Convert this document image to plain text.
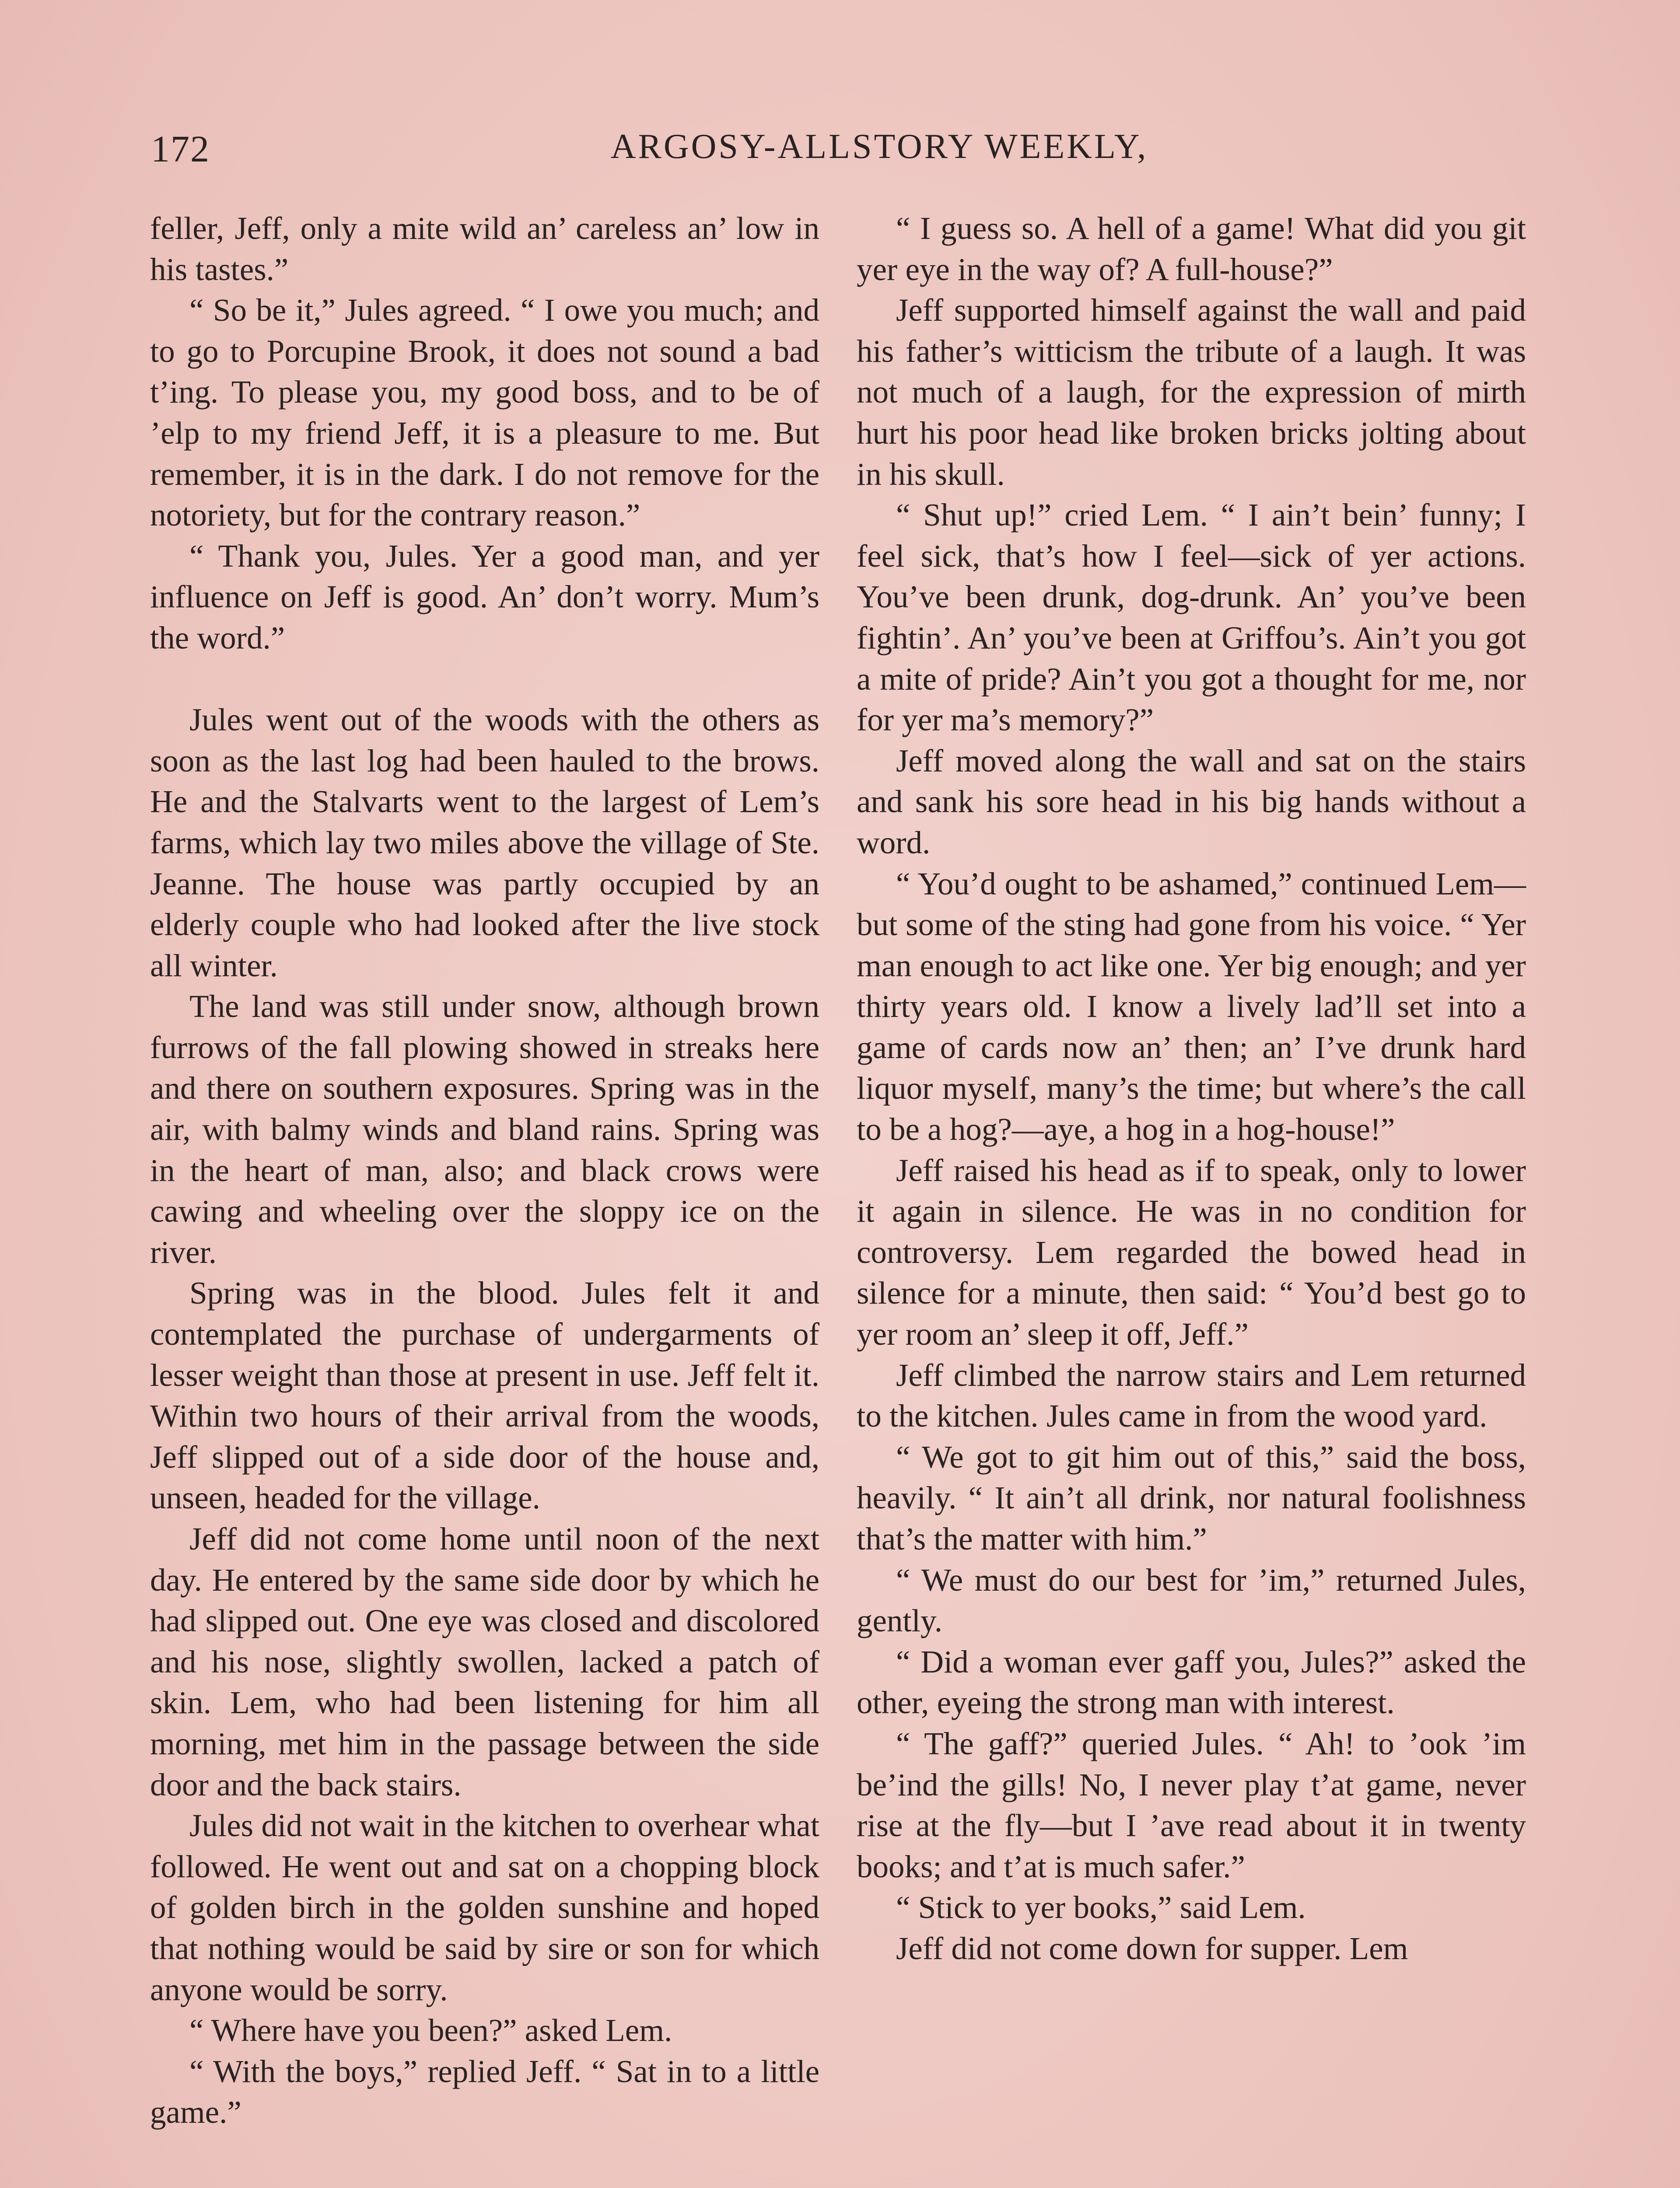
172	ARGOSY-ALLSTORY WEEKLY,

feller, Jeff, only a mite wild an’ careless an’ low in his tastes.”

“ So be it,” Jules agreed. “ I owe you much; and to go to Porcupine Brook, it does not sound a bad t’ing. To please you, my good boss, and to be of ’elp to my friend Jeff, it is a pleasure to me. But remember, it is in the dark. I do not remove for the notoriety, but for the contrary reason.”

“ Thank you, Jules. Yer a good man, and yer influence on Jeff is good. An’ don’t worry. Mum’s the word.”

Jules went out of the woods with the others as soon as the last log had been hauled to the brows. He and the Stalvarts went to the largest of Lem’s farms, which lay two miles above the village of Ste. Jeanne. The house was partly occupied by an elderly couple who had looked after the live stock all winter.

The land was still under snow, although brown furrows of the fall plowing showed in streaks here and there on southern exposures. Spring was in the air, with balmy winds and bland rains. Spring was in the heart of man, also; and black crows were cawing and wheeling over the sloppy ice on the river.

Spring was in the blood. Jules felt it and contemplated the purchase of undergarments of lesser weight than those at present in use. Jeff felt it. Within two hours of their arrival from the woods, Jeff slipped out of a side door of the house and, unseen, headed for the village.

Jeff did not come home until noon of the next day. He entered by the same side door by which he had slipped out. One eye was closed and discolored and his nose, slightly swollen, lacked a patch of skin. Lem, who had been listening for him all morning, met him in the passage between the side door and the back stairs.

Jules did not wait in the kitchen to overhear what followed. He went out and sat on a chopping block of golden birch in the golden sunshine and hoped that nothing would be said by sire or son for which anyone would be sorry.

“ Where have you been?” asked Lem.

“ With the boys,” replied Jeff. “ Sat in to a little game.”

“ I guess so. A hell of a game! What did you git yer eye in the way of? A full-house?”

Jeff supported himself against the wall and paid his father’s witticism the tribute of a laugh. It was not much of a laugh, for the expression of mirth hurt his poor head like broken bricks jolting about in his skull.

“ Shut up!” cried Lem. “ I ain’t bein’ funny; I feel sick, that’s how I feel—sick of yer actions. You’ve been drunk, dog-drunk. An’ you’ve been fightin’. An’ you’ve been at Griffou’s. Ain’t you got a mite of pride? Ain’t you got a thought for me, nor for yer ma’s memory?”

Jeff moved along the wall and sat on the stairs and sank his sore head in his big hands without a word.

“ You’d ought to be ashamed,” continued Lem—but some of the sting had gone from his voice. “ Yer man enough to act like one. Yer big enough; and yer thirty years old. I know a lively lad’ll set into a game of cards now an’ then; an’ I’ve drunk hard liquor myself, many’s the time; but where’s the call to be a hog?—aye, a hog in a hog-house!”

Jeff raised his head as if to speak, only to lower it again in silence. He was in no condition for controversy. Lem regarded the bowed head in silence for a minute, then said: “ You’d best go to yer room an’ sleep it off, Jeff.”

Jeff climbed the narrow stairs and Lem returned to the kitchen. Jules came in from the wood yard.

“ We got to git him out of this,” said the boss, heavily. “ It ain’t all drink, nor natural foolishness that’s the matter with him.”

“ We must do our best for ’im,” returned Jules, gently.

“ Did a woman ever gaff you, Jules?” asked the other, eyeing the strong man with interest.

“ The gaff?” queried Jules. “ Ah! to ’ook ’im be’ind the gills! No, I never play t’at game, never rise at the fly—but I ’ave read about it in twenty books; and t’at is much safer.”

“ Stick to yer books,” said Lem.

Jeff did not come down for supper. Lem
